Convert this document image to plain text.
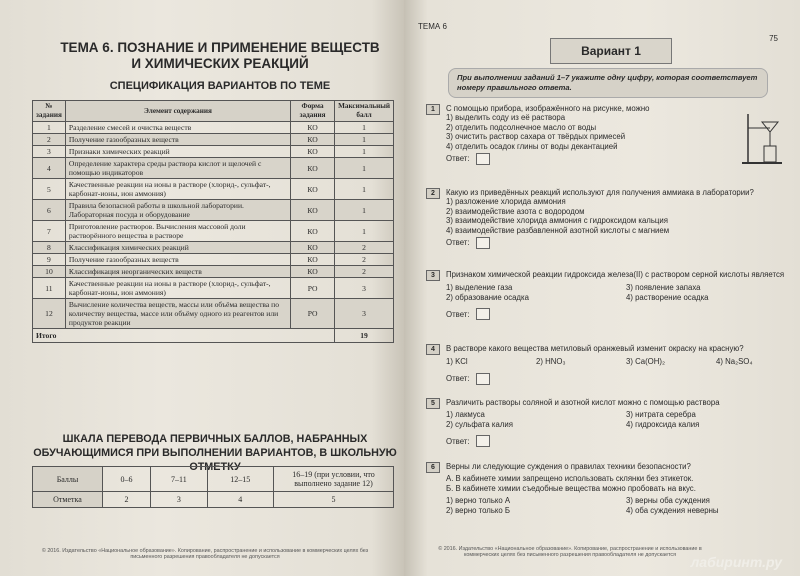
ТЕМА 6. ПОЗНАНИЕ И ПРИМЕНЕНИЕ ВЕЩЕСТВ И ХИМИЧЕСКИХ РЕАКЦИЙ
СПЕЦИФИКАЦИЯ ВАРИАНТОВ ПО ТЕМЕ
№ задания	Элемент содержания	Форма задания	Максимальный балл
1	Разделение смесей и очистка веществ	КО	1
2	Получение газообразных веществ	КО	1
3	Признаки химических реакций	КО	1
4	Определение характера среды раствора кислот и щелочей с помощью индикаторов	КО	1
5	Качественные реакции на ионы в растворе (хлорид-, сульфат-, карбонат-ионы, ион аммония)	КО	1
6	Правила безопасной работы в школьной лаборатории. Лабораторная посуда и оборудование	КО	1
7	Приготовление растворов. Вычисления массовой доли растворённого вещества в растворе	КО	1
8	Классификация химических реакций	КО	2
9	Получение газообразных веществ	КО	2
10	Классификация неорганических веществ	КО	2
11	Качественные реакции на ионы в растворе (хлорид-, сульфат-, карбонат-ионы, ион аммония)	РО	3
12	Вычисление количества веществ, массы или объёма вещества по количеству вещества, массе или объёму одного из реагентов или продуктов реакции	РО	3
Итого			19
ШКАЛА ПЕРЕВОДА ПЕРВИЧНЫХ БАЛЛОВ, НАБРАННЫХ ОБУЧАЮЩИМИСЯ ПРИ ВЫПОЛНЕНИИ ВАРИАНТОВ, В ШКОЛЬНУЮ ОТМЕТКУ
Баллы	0–6	7–11	12–15	16–19 (при условии, что выполнено задание 12)
Отметка	2	3	4	5
© 2016. Издательство «Национальное образование». Копирование, распространение и использование в коммерческих целях без письменного разрешения правообладателя не допускается
ТЕМА 6
75
Вариант 1
При выполнении заданий 1–7 укажите одну цифру, которая соответствует номеру правильного ответа.
1	С помощью прибора, изображённого на рисунке, можно
1) выделить соду из её раствора
2) отделить подсолнечное масло от воды
3) очистить раствор сахара от твёрдых примесей
4) отделить осадок глины от воды декантацией
Ответ:
2	Какую из приведённых реакций используют для получения аммиака в лаборатории?
1) разложение хлорида аммония
2) взаимодействие азота с водородом
3) взаимодействие хлорида аммония с гидроксидом кальция
4) взаимодействие разбавленной азотной кислоты с магнием
Ответ:
3	Признаком химической реакции гидроксида железа(II) с раствором серной кислоты является
1) выделение газа	3) появление запаха
2) образование осадка	4) растворение осадка
Ответ:
4	В растворе какого вещества метиловый оранжевый изменит окраску на красную?
1) KCl	2) HNO₃	3) Ca(OH)₂	4) Na₂SO₄
Ответ:
5	Различить растворы соляной и азотной кислот можно с помощью раствора
1) лакмуса	3) нитрата серебра
2) сульфата калия	4) гидроксида калия
Ответ:
6	Верны ли следующие суждения о правилах техники безопасности?
А. В кабинете химии запрещено использовать склянки без этикеток.
Б. В кабинете химии съедобные вещества можно пробовать на вкус.
1) верно только А	3) верны оба суждения
2) верно только Б	4) оба суждения неверны
© 2016. Издательство «Национальное образование». Копирование, распространение и использование в коммерческих целях без письменного разрешения правообладателя не допускается	лабиринт.ру
